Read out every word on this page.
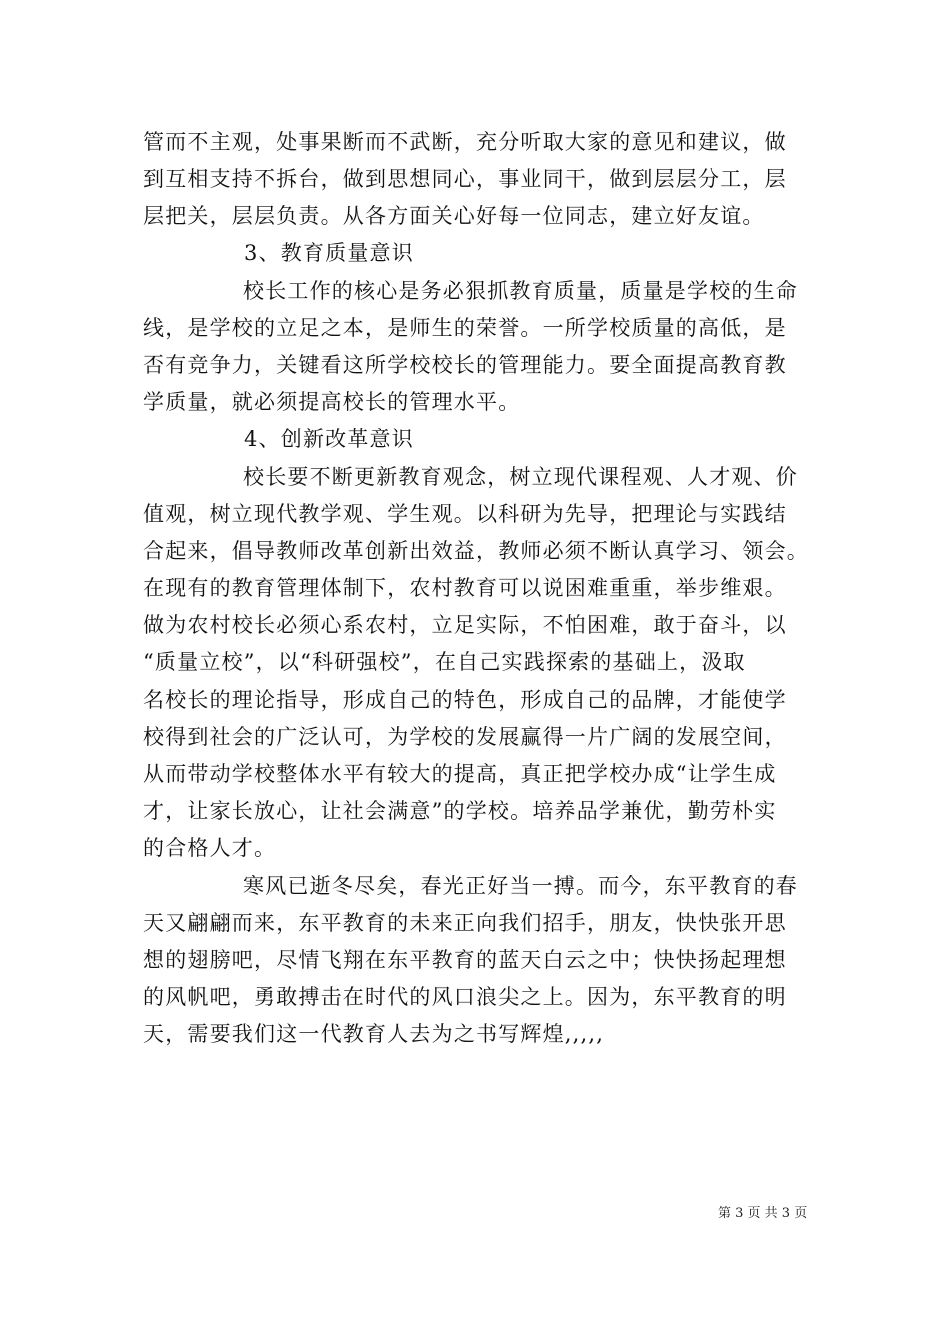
管而不主观，处事果断而不武断，充分听取大家的意见和建议，做
到互相支持不拆台，做到思想同心，事业同干，做到层层分工，层
层把关，层层负责。从各方面关心好每一位同志，建立好友谊。
3、教育质量意识
校长工作的核心是务必狠抓教育质量，质量是学校的生命
线，是学校的立足之本，是师生的荣誉。一所学校质量的高低，是
否有竞争力，关键看这所学校校长的管理能力。要全面提高教育教
学质量，就必须提高校长的管理水平。
4、创新改革意识
校长要不断更新教育观念，树立现代课程观、人才观、价
值观，树立现代教学观、学生观。以科研为先导，把理论与实践结
合起来，倡导教师改革创新出效益，教师必须不断认真学习、领会。
在现有的教育管理体制下，农村教育可以说困难重重，举步维艰。
做为农村校长必须心系农村，立足实际，不怕困难，敢于奋斗，以
“质量立校”，以“科研强校”，在自己实践探索的基础上，汲取
名校长的理论指导，形成自己的特色，形成自己的品牌，才能使学
校得到社会的广泛认可，为学校的发展赢得一片广阔的发展空间，
从而带动学校整体水平有较大的提高，真正把学校办成“让学生成
才，让家长放心，让社会满意”的学校。培养品学兼优，勤劳朴实
的合格人才。
寒风已逝冬尽矣，春光正好当一搏。而今，东平教育的春
天又翩翩而来，东平教育的未来正向我们招手，朋友，快快张开思
想的翅膀吧，尽情飞翔在东平教育的蓝天白云之中；快快扬起理想
的风帆吧，勇敢搏击在时代的风口浪尖之上。因为，东平教育的明
天，需要我们这一代教育人去为之书写辉煌,,,,,
第 3 页 共 3 页
